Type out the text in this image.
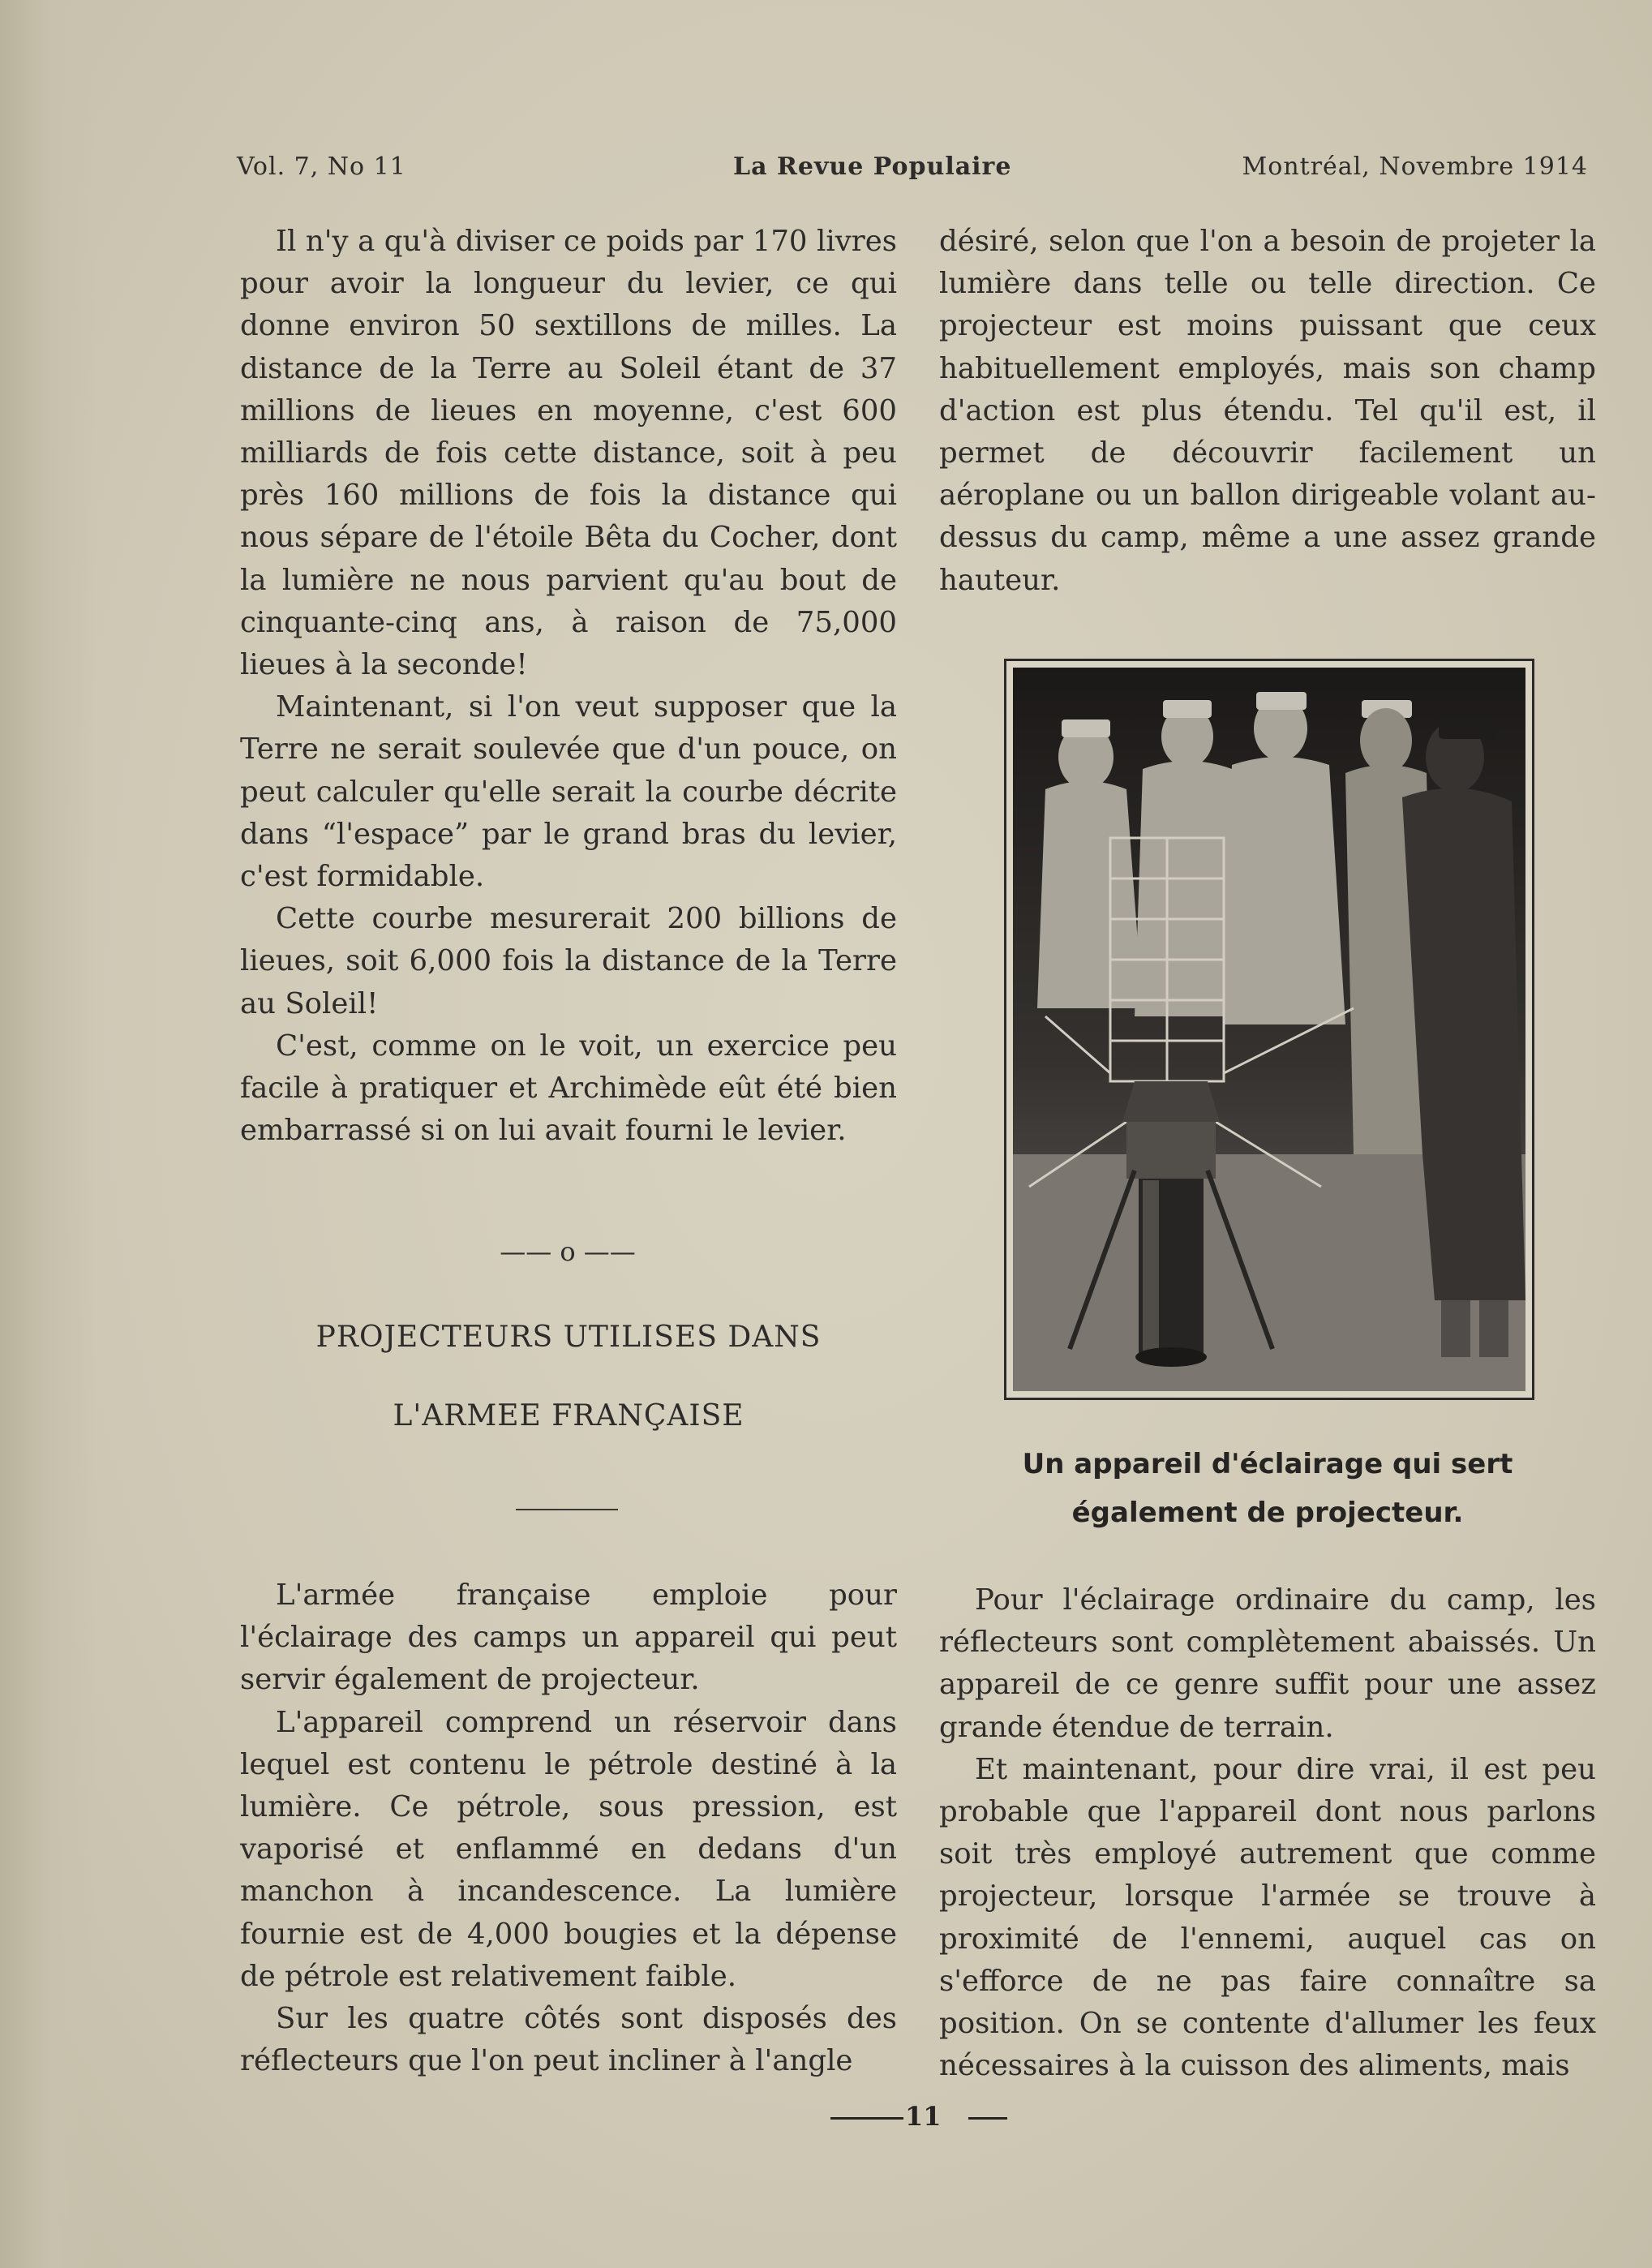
Vol. 7, No 11	La Revue Populaire	Montréal, Novembre 1914

Il n'y a qu'à diviser ce poids par 170 livres pour avoir la longueur du levier, ce qui donne environ 50 sextillons de milles. La distance de la Terre au Soleil étant de 37 millions de lieues en moyenne, c'est 600 milliards de fois cette distance, soit à peu près 160 millions de fois la distance qui nous sépare de l'étoile Bêta du Cocher, dont la lumière ne nous parvient qu'au bout de cinquante-cinq ans, à raison de 75,000 lieues à la seconde!

Maintenant, si l'on veut supposer que la Terre ne serait soulevée que d'un pouce, on peut calculer qu'elle serait la courbe décrite dans “l'espace” par le grand bras du levier, c'est formidable.

Cette courbe mesurerait 200 billions de lieues, soit 6,000 fois la distance de la Terre au Soleil!

C'est, comme on le voit, un exercice peu facile à pratiquer et Archimède eût été bien embarrassé si on lui avait fourni le levier.

—— o ——
PROJECTEURS UTILISES DANS
L'ARMEE FRANÇAISE

L'armée française emploie pour l'éclairage des camps un appareil qui peut servir également de projecteur.

L'appareil comprend un réservoir dans lequel est contenu le pétrole destiné à la lumière. Ce pétrole, sous pression, est vaporisé et enflammé en dedans d'un manchon à incandescence. La lumière fournie est de 4,000 bougies et la dépense de pétrole est relativement faible.

Sur les quatre côtés sont disposés des réflecteurs que l'on peut incliner à l'angle

désiré, selon que l'on a besoin de projeter la lumière dans telle ou telle direction. Ce projecteur est moins puissant que ceux habituellement employés, mais son champ d'action est plus étendu. Tel qu'il est, il permet de découvrir facilement un aéroplane ou un ballon dirigeable volant au-dessus du camp, même a une assez grande hauteur.

Un appareil d'éclairage qui sert également de projecteur.

Pour l'éclairage ordinaire du camp, les réflecteurs sont complètement abaissés. Un appareil de ce genre suffit pour une assez grande étendue de terrain.

Et maintenant, pour dire vrai, il est peu probable que l'appareil dont nous parlons soit très employé autrement que comme projecteur, lorsque l'armée se trouve à proximité de l'ennemi, auquel cas on s'efforce de ne pas faire connaître sa position. On se contente d'allumer les feux nécessaires à la cuisson des aliments, mais

11
